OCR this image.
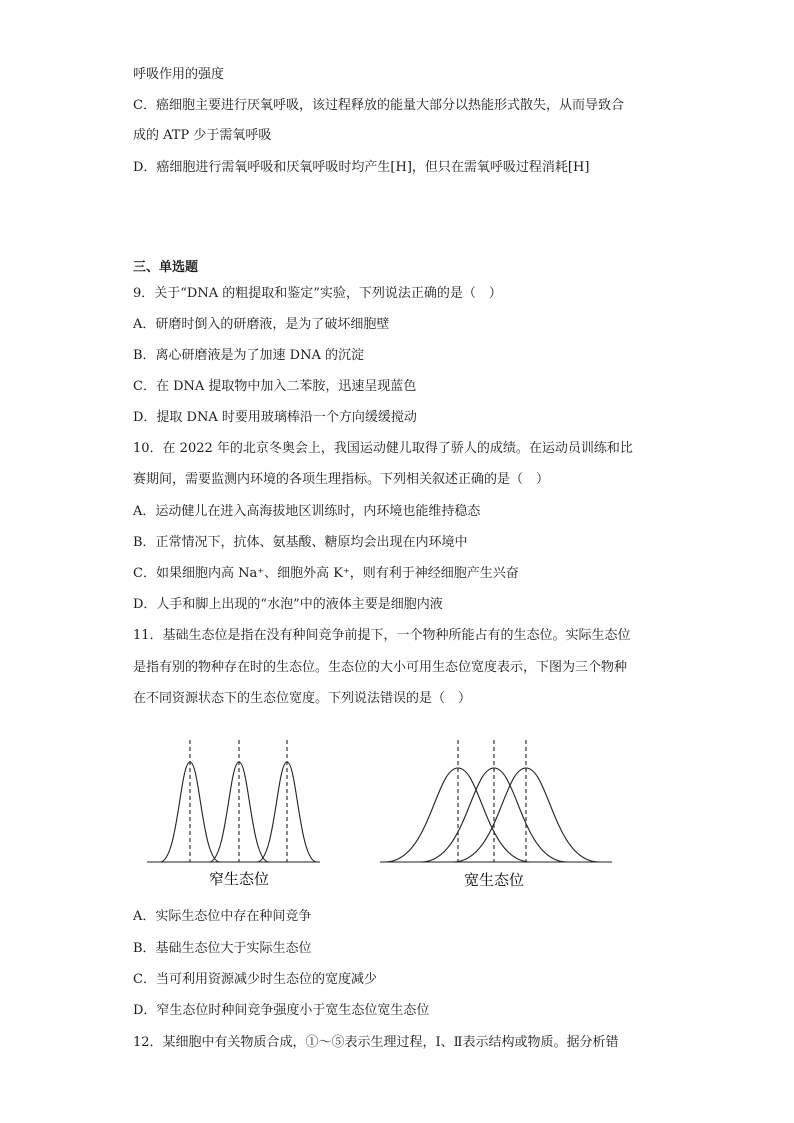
呼吸作用的强度
C．癌细胞主要进行厌氧呼吸，该过程释放的能量大部分以热能形式散失，从而导致合
成的 ATP 少于需氧呼吸
D．癌细胞进行需氧呼吸和厌氧呼吸时均产生[H]，但只在需氧呼吸过程消耗[H]
三、单选题
9．关于“DNA 的粗提取和鉴定”实验，下列说法正确的是（　）
A．研磨时倒入的研磨液，是为了破坏细胞壁
B．离心研磨液是为了加速 DNA 的沉淀
C．在 DNA 提取物中加入二苯胺，迅速呈现蓝色
D．提取 DNA 时要用玻璃棒沿一个方向缓缓搅动
10．在 2022 年的北京冬奥会上，我国运动健儿取得了骄人的成绩。在运动员训练和比
赛期间，需要监测内环境的各项生理指标。下列相关叙述正确的是（　）
A．运动健儿在进入高海拔地区训练时，内环境也能维持稳态
B．正常情况下，抗体、氨基酸、糖原均会出现在内环境中
C．如果细胞内高 Na⁺、细胞外高 K⁺，则有利于神经细胞产生兴奋
D．人手和脚上出现的“水泡”中的液体主要是细胞内液
11．基础生态位是指在没有种间竞争前提下，一个物种所能占有的生态位。实际生态位
是指有别的物种存在时的生态位。生态位的大小可用生态位宽度表示，下图为三个物种
在不同资源状态下的生态位宽度。下列说法错误的是（　）
窄生态位	宽生态位
A．实际生态位中存在种间竞争
B．基础生态位大于实际生态位
C．当可利用资源减少时生态位的宽度减少
D．窄生态位时种间竞争强度小于宽生态位宽生态位
12．某细胞中有关物质合成，①～⑤表示生理过程，Ⅰ、Ⅱ表示结构或物质。据分析错
